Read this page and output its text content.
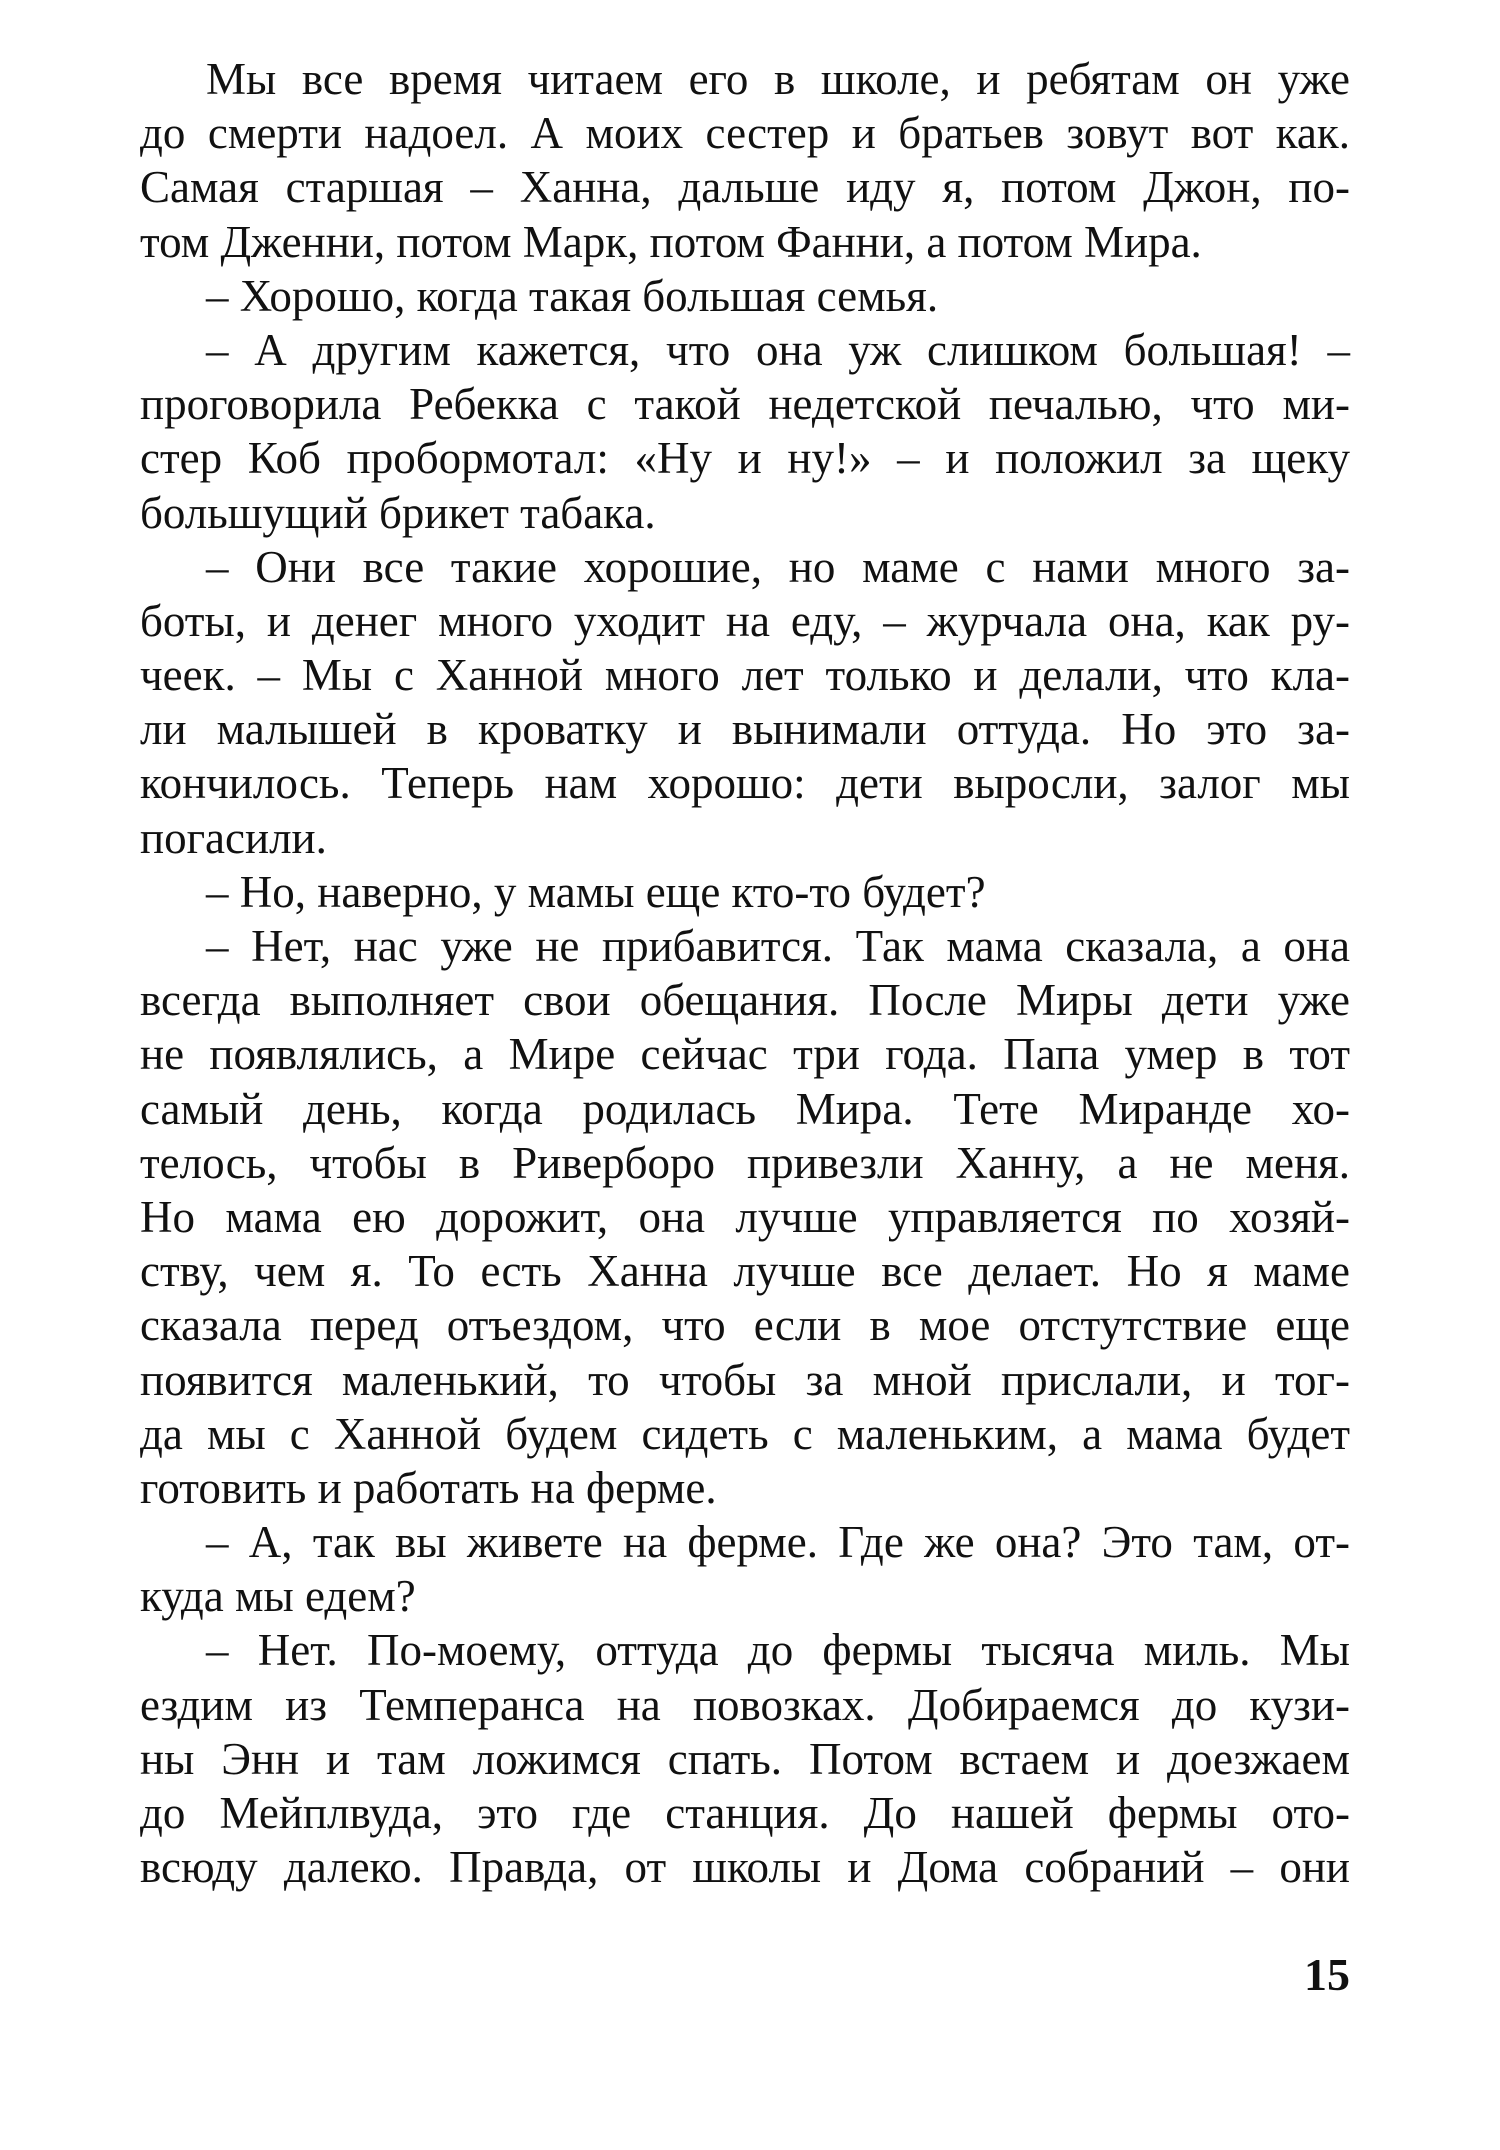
Мы все время читаем его в школе, и ребятам он уже
до смерти надоел. А моих сестер и братьев зовут вот как.
Самая старшая – Ханна, дальше иду я, потом Джон, по-
том Дженни, потом Марк, потом Фанни, а потом Мира.
– Хорошо, когда такая большая семья.
– А другим кажется, что она уж слишком большая! –
проговорила Ребекка с такой недетской печалью, что ми-
стер Коб пробормотал: «Ну и ну!» – и положил за щеку
большущий брикет табака.
– Они все такие хорошие, но маме с нами много за-
боты, и денег много уходит на еду, – журчала она, как ру-
чеек. – Мы с Ханной много лет только и делали, что кла-
ли малышей в кроватку и вынимали оттуда. Но это за-
кончилось. Теперь нам хорошо: дети выросли, залог мы
погасили.
– Но, наверно, у мамы еще кто-то будет?
– Нет, нас уже не прибавится. Так мама сказала, а она
всегда выполняет свои обещания. После Миры дети уже
не появлялись, а Мире сейчас три года. Папа умер в тот
самый день, когда родилась Мира. Тете Миранде хо-
телось, чтобы в Риверборо привезли Ханну, а не меня.
Но мама ею дорожит, она лучше управляется по хозяй-
ству, чем я. То есть Ханна лучше все делает. Но я маме
сказала перед отъездом, что если в мое отстутствие еще
появится маленький, то чтобы за мной прислали, и тог-
да мы с Ханной будем сидеть с маленьким, а мама будет
готовить и работать на ферме.
– А, так вы живете на ферме. Где же она? Это там, от-
куда мы едем?
– Нет. По-моему, оттуда до фермы тысяча миль. Мы
ездим из Темперанса на повозках. Добираемся до кузи-
ны Энн и там ложимся спать. Потом встаем и доезжаем
до Мейплвуда, это где станция. До нашей фермы ото-
всюду далеко. Правда, от школы и Дома собраний – они
15
